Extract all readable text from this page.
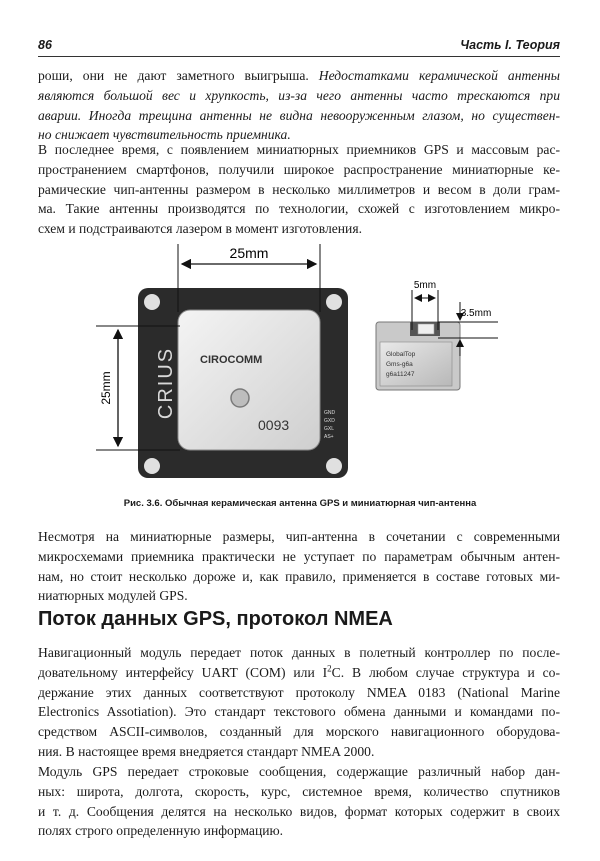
86	Часть I. Теория
роши, они не дают заметного выигрыша. Недостатками керамической антенны
являются большой вес и хрупкость, из-за чего антенны часто трескаются при
аварии. Иногда трещина антенны не видна невооруженным глазом, но существен-
но снижает чувствительность приемника.
В последнее время, с появлением миниатюрных приемников GPS и массовым рас-
пространением смартфонов, получили широкое распространение миниатюрные ке-
рамические чип-антенны размером в несколько миллиметров и весом в доли грам-
ма. Такие антенны производятся по технологии, схожей с изготовлением микро-
схем и подстраиваются лазером в момент изготовления.
CRIUS CIROCOMM
0093
GND
GXD
GXL
AS+
25mm
25mm
GlobalTop
Gms-g6a
g6a11247
5mm
3.5mm
Рис. 3.6. Обычная керамическая антенна GPS и миниатюрная чип-антенна
Несмотря на миниатюрные размеры, чип-антенна в сочетании с современными
микросхемами приемника практически не уступает по параметрам обычным антен-
нам, но стоит несколько дороже и, как правило, применяется в составе готовых ми-
ниатюрных модулей GPS.
Поток данных GPS, протокол NMEA
Навигационный модуль передает поток данных в полетный контроллер по после-
довательному интерфейсу UART (COM) или $I^2C$. В любом случае структура и со-
держание этих данных соответствуют протоколу NMEA 0183 (National Marine
Electronics Assotiation). Это стандарт текстового обмена данными и командами по-
средством ASCII-символов, созданный для морского навигационного оборудова-
ния. В настоящее время внедряется стандарт NMEA 2000.
Модуль GPS передает строковые сообщения, содержащие различный набор дан-
ных: широта, долгота, скорость, курс, системное время, количество спутников
и т. д. Сообщения делятся на несколько видов, формат которых содержит в своих
полях строго определенную информацию.
